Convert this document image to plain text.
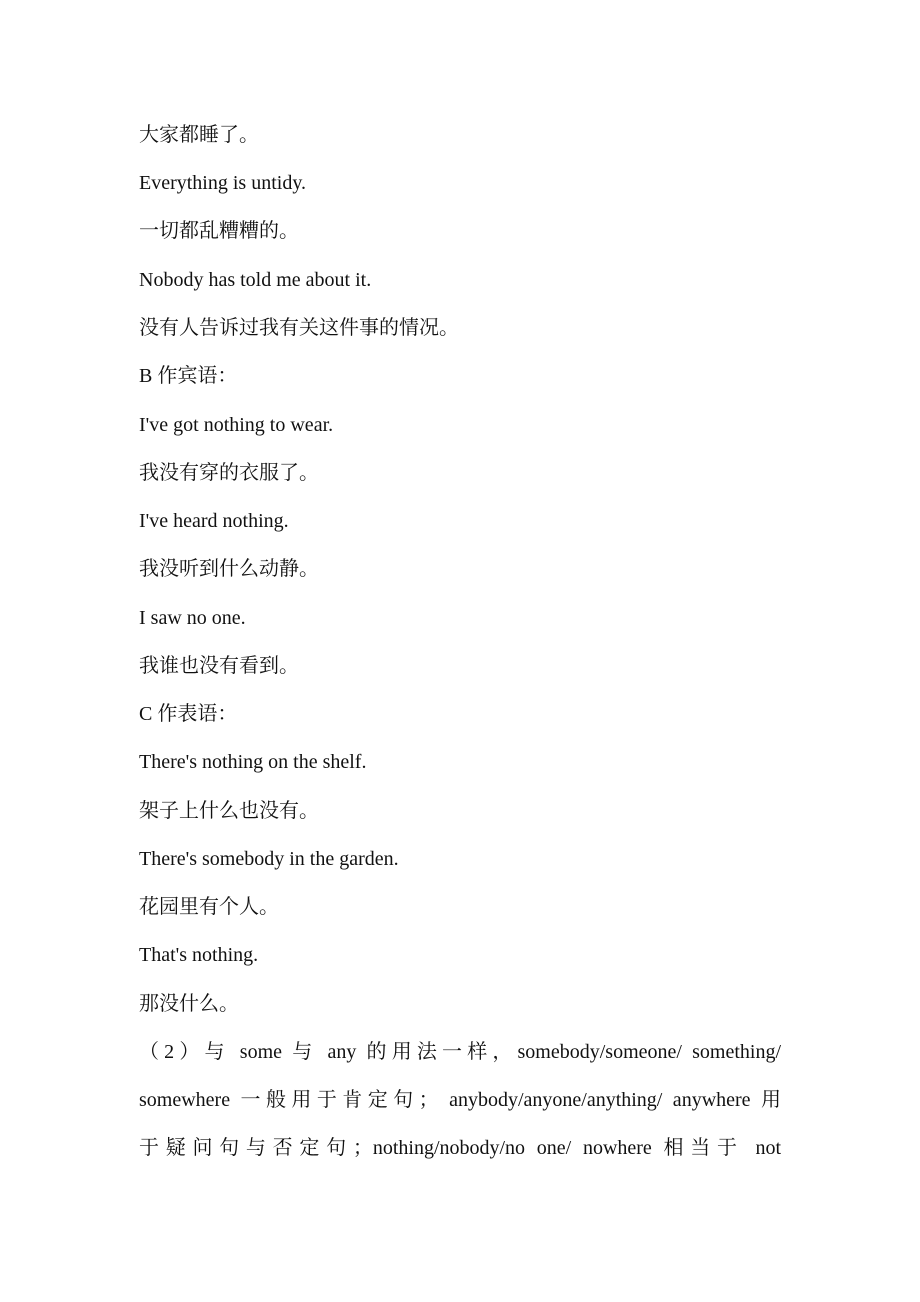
大家都睡了。
Everything is untidy.
一切都乱糟糟的。
Nobody has told me about it.
没有人告诉过我有关这件事的情况。
B 作宾语：
I've got nothing to wear.
我没有穿的衣服了。
I've heard nothing.
我没听到什么动静。
I saw no one.
我谁也没有看到。
C 作表语：
There's nothing on the shelf.
架子上什么也没有。
There's somebody in the garden.
花园里有个人。
That's nothing.
那没什么。
（2）与 some 与 any 的用法一样，somebody/someone/ something/
somewhere 一般用于肯定句； anybody/anyone/anything/ anywhere 用
于疑问句与否定句；nothing/nobody/no one/ nowhere 相当于 not
